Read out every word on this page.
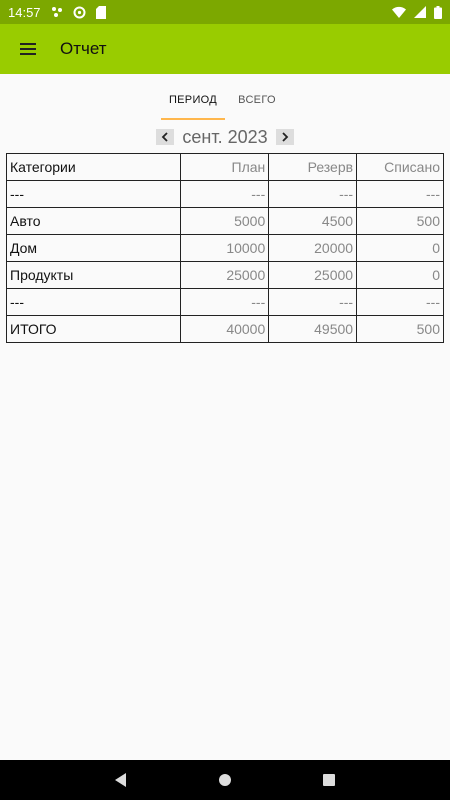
14:57
Отчет
ПЕРИОД	ВСЕГО
сент. 2023
Категории	План	Резерв	Списано
---	---	---	---
Авто	5000	4500	500
Дом	10000	20000	0
Продукты	25000	25000	0
---	---	---	---
ИТОГО	40000	49500	500
